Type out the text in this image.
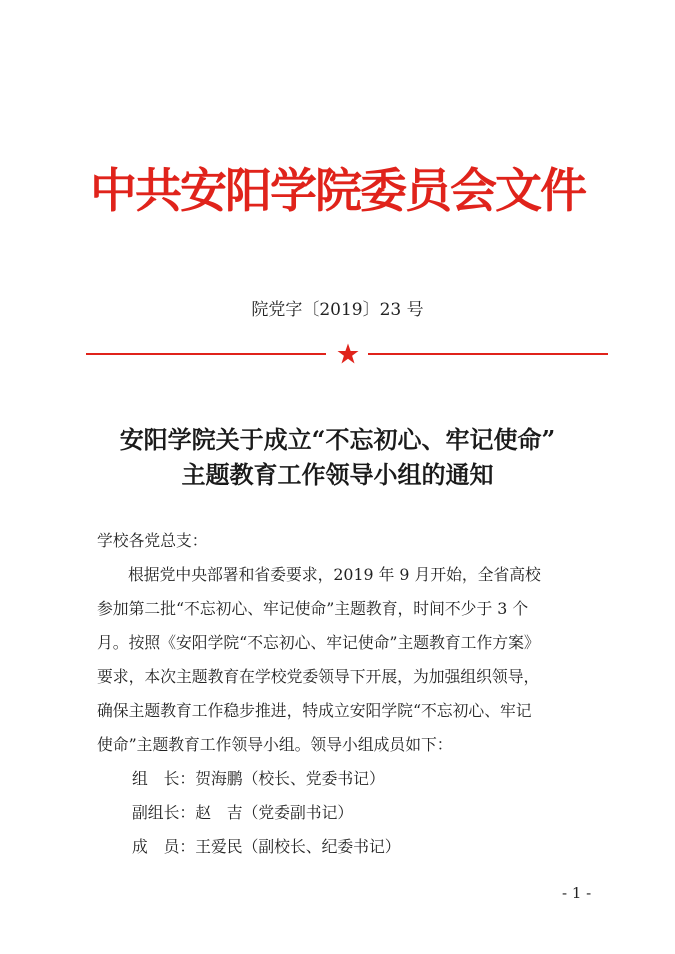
中共安阳学院委员会文件
院党字〔2019〕23 号
安阳学院关于成立“不忘初心、牢记使命”
主题教育工作领导小组的通知
学校各党总支：
根据党中央部署和省委要求，2019 年 9 月开始，全省高校
参加第二批“不忘初心、牢记使命”主题教育，时间不少于 3 个
月。按照《安阳学院“不忘初心、牢记使命”主题教育工作方案》
要求，本次主题教育在学校党委领导下开展，为加强组织领导，
确保主题教育工作稳步推进，特成立安阳学院“不忘初心、牢记
使命”主题教育工作领导小组。领导小组成员如下：
组　长：贺海鹏（校长、党委书记）
副组长：赵　吉（党委副书记）
成　员：王爱民（副校长、纪委书记）
- 1 -
